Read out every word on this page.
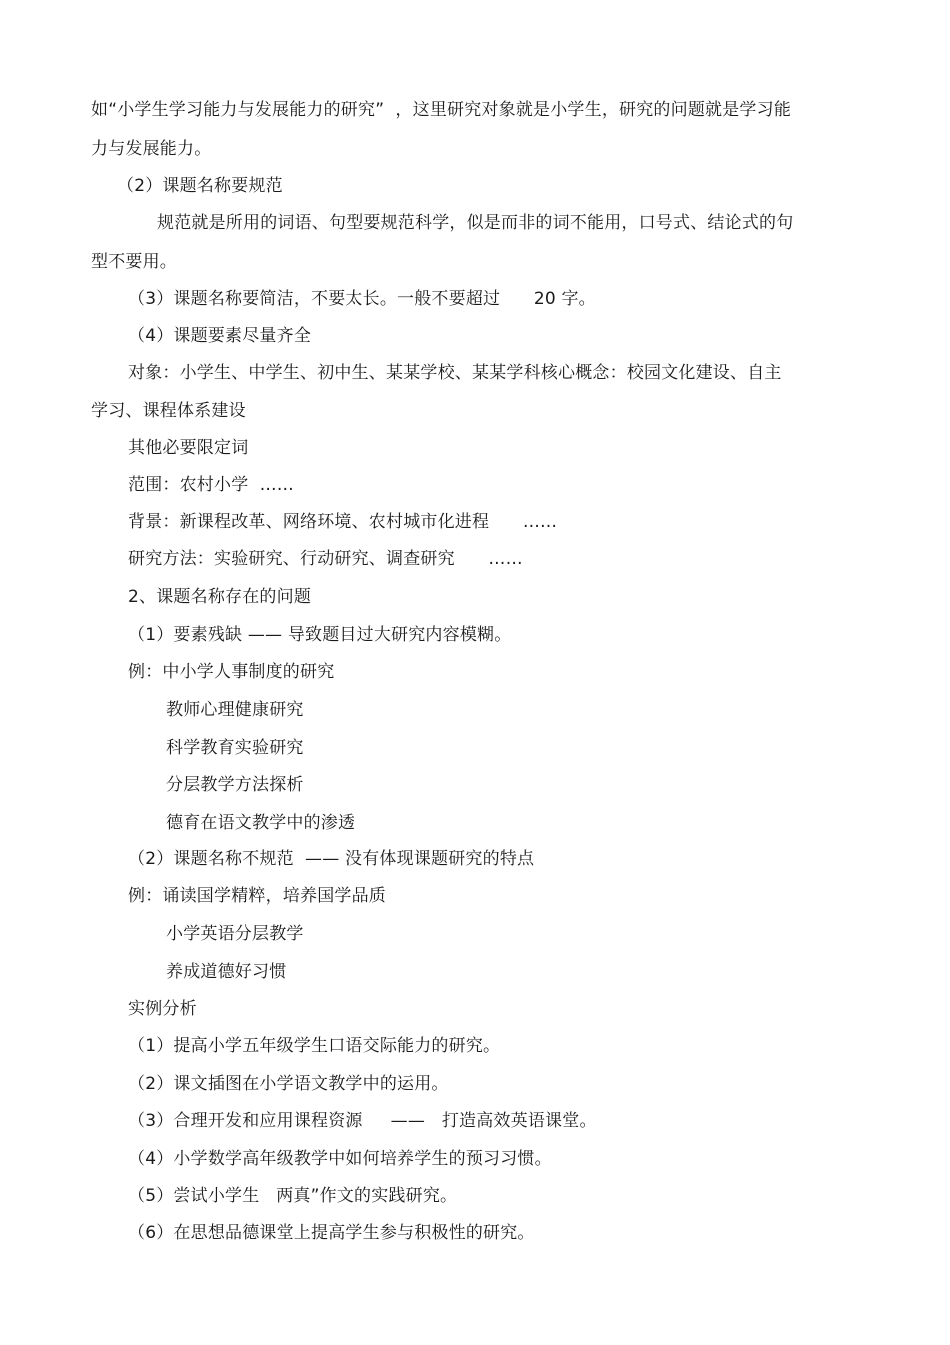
如“小学生学习能力与发展能力的研究”  ，这里研究对象就是小学生，研究的问题就是学习能
力与发展能力。
（2）课题名称要规范
规范就是所用的词语、句型要规范科学，似是而非的词不能用，口号式、结论式的句
型不要用。
（3）课题名称要简洁，不要太长。一般不要超过      20 字。
（4）课题要素尽量齐全
对象：小学生、中学生、初中生、某某学校、某某学科核心概念：校园文化建设、自主
学习、课程体系建设
其他必要限定词
范围：农村小学  ……
背景：新课程改革、网络环境、农村城市化进程      ……
研究方法：实验研究、行动研究、调查研究      ……
2、课题名称存在的问题
（1）要素残缺 —— 导致题目过大研究内容模糊。
例：中小学人事制度的研究
教师心理健康研究
科学教育实验研究
分层教学方法探析
德育在语文教学中的渗透
（2）课题名称不规范  —— 没有体现课题研究的特点
例：诵读国学精粹，培养国学品质
小学英语分层教学
养成道德好习惯
实例分析
（1）提高小学五年级学生口语交际能力的研究。
（2）课文插图在小学语文教学中的运用。
（3）合理开发和应用课程资源     ——   打造高效英语课堂。
（4）小学数学高年级教学中如何培养学生的预习习惯。
（5）尝试小学生   两真”作文的实践研究。
（6）在思想品德课堂上提高学生参与积极性的研究。
